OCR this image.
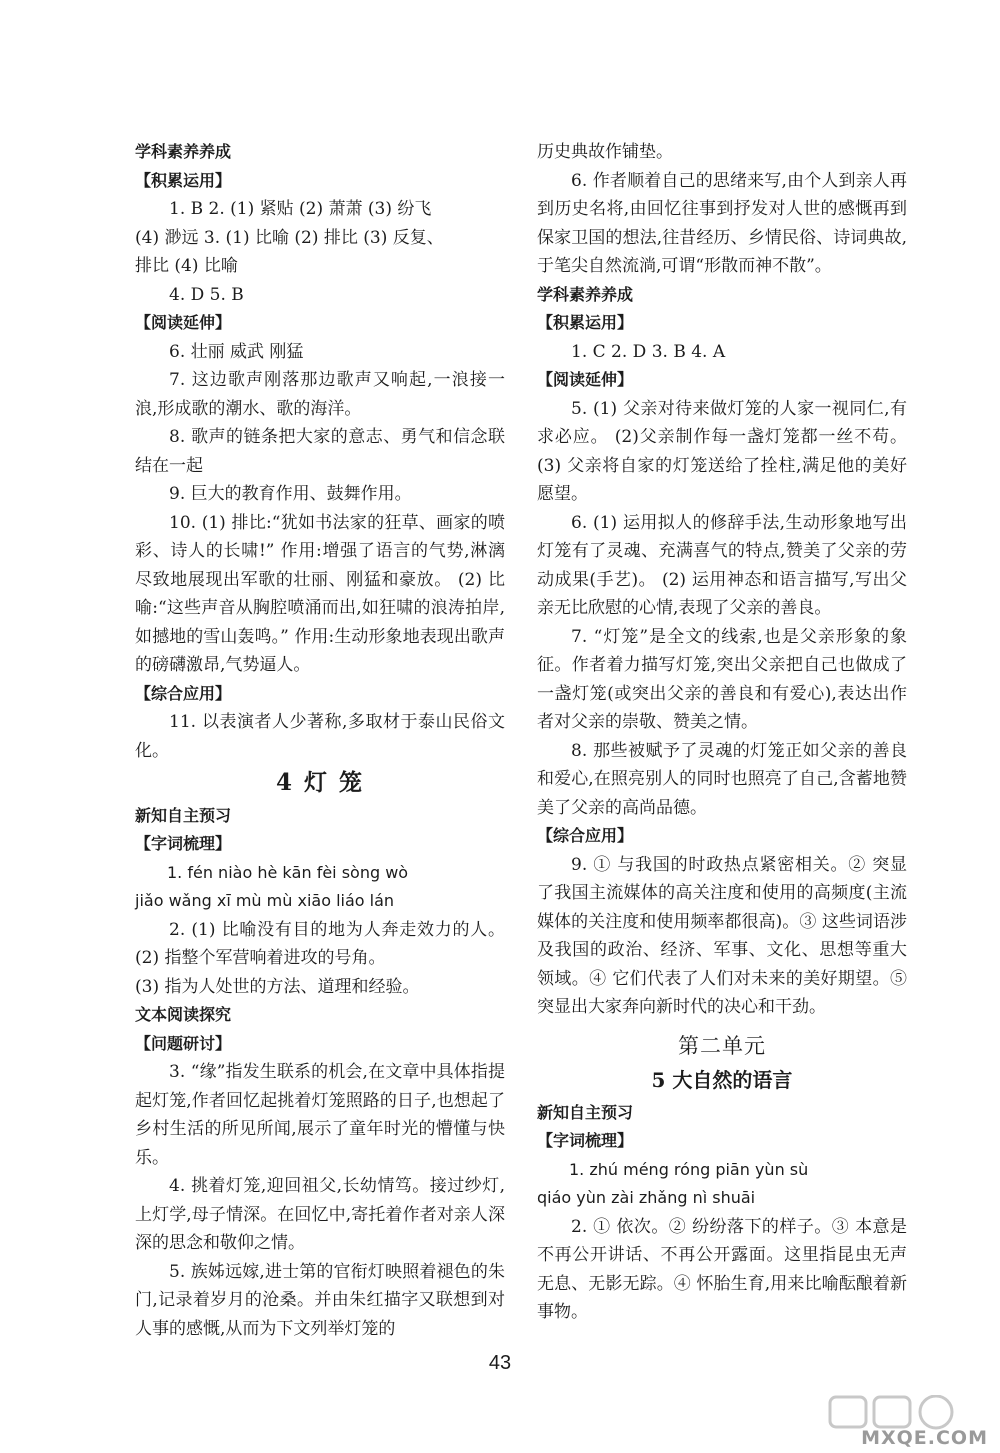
学科素养养成
【积累运用】
1. B 2. (1) 紧贴 (2) 萧萧 (3) 纷飞
(4) 渺远 3. (1) 比喻 (2) 排比 (3) 反复、
排比 (4) 比喻
4. D 5. B
【阅读延伸】
6. 壮丽 威武 刚猛
7. 这边歌声刚落那边歌声又响起,一浪接一浪,形成歌的潮水、歌的海洋。
8. 歌声的链条把大家的意志、勇气和信念联结在一起
9. 巨大的教育作用、鼓舞作用。
10. (1) 排比:“犹如书法家的狂草、画家的喷彩、诗人的长啸!” 作用:增强了语言的气势,淋漓尽致地展现出军歌的壮丽、刚猛和豪放。 (2) 比喻:“这些声音从胸腔喷涌而出,如狂啸的浪涛拍岸,如撼地的雪山轰鸣。” 作用:生动形象地表现出歌声的磅礴激昂,气势逼人。
【综合应用】
11. 以表演者人少著称,多取材于泰山民俗文化。
4 灯 笼
新知自主预习
【字词梳理】
1. fén niào hè kān fèi sòng wò
jiǎo wǎng xī mù mù xiāo liáo lán
2. (1) 比喻没有目的地为人奔走效力的人。 (2) 指整个军营响着进攻的号角。
(3) 指为人处世的方法、道理和经验。
文本阅读探究
【问题研讨】
3. “缘”指发生联系的机会,在文章中具体指提起灯笼,作者回忆起挑着灯笼照路的日子,也想起了乡村生活的所见所闻,展示了童年时光的懵懂与快乐。
4. 挑着灯笼,迎回祖父,长幼情笃。接过纱灯,上灯学,母子情深。在回忆中,寄托着作者对亲人深深的思念和敬仰之情。
5. 族姊远嫁,进士第的官衔灯映照着褪色的朱门,记录着岁月的沧桑。并由朱红描字又联想到对人事的感慨,从而为下文列举灯笼的
历史典故作铺垫。
6. 作者顺着自己的思绪来写,由个人到亲人再到历史名将,由回忆往事到抒发对人世的感慨再到保家卫国的想法,往昔经历、乡情民俗、诗词典故,于笔尖自然流淌,可谓“形散而神不散”。
学科素养养成
【积累运用】
1. C 2. D 3. B 4. A
【阅读延伸】
5. (1) 父亲对待来做灯笼的人家一视同仁,有求必应。 (2)父亲制作每一盏灯笼都一丝不苟。 (3) 父亲将自家的灯笼送给了拴柱,满足他的美好愿望。
6. (1) 运用拟人的修辞手法,生动形象地写出灯笼有了灵魂、充满喜气的特点,赞美了父亲的劳动成果(手艺)。 (2) 运用神态和语言描写,写出父亲无比欣慰的心情,表现了父亲的善良。
7. “灯笼”是全文的线索,也是父亲形象的象征。作者着力描写灯笼,突出父亲把自己也做成了一盏灯笼(或突出父亲的善良和有爱心),表达出作者对父亲的崇敬、赞美之情。
8. 那些被赋予了灵魂的灯笼正如父亲的善良和爱心,在照亮别人的同时也照亮了自己,含蓄地赞美了父亲的高尚品德。
【综合应用】
9. ① 与我国的时政热点紧密相关。② 突显了我国主流媒体的高关注度和使用的高频度(主流媒体的关注度和使用频率都很高)。③ 这些词语涉及我国的政治、经济、军事、文化、思想等重大领域。④ 它们代表了人们对未来的美好期望。⑤ 突显出大家奔向新时代的决心和干劲。
第二单元
5 大自然的语言
新知自主预习
【字词梳理】
1. zhú méng róng piān yùn sù
qiáo yùn zài zhǎng nì shuāi
2. ① 依次。② 纷纷落下的样子。③ 本意是不再公开讲话、不再公开露面。这里指昆虫无声无息、无影无踪。④ 怀胎生育,用来比喻酝酿着新事物。
43
MXQE.COM
